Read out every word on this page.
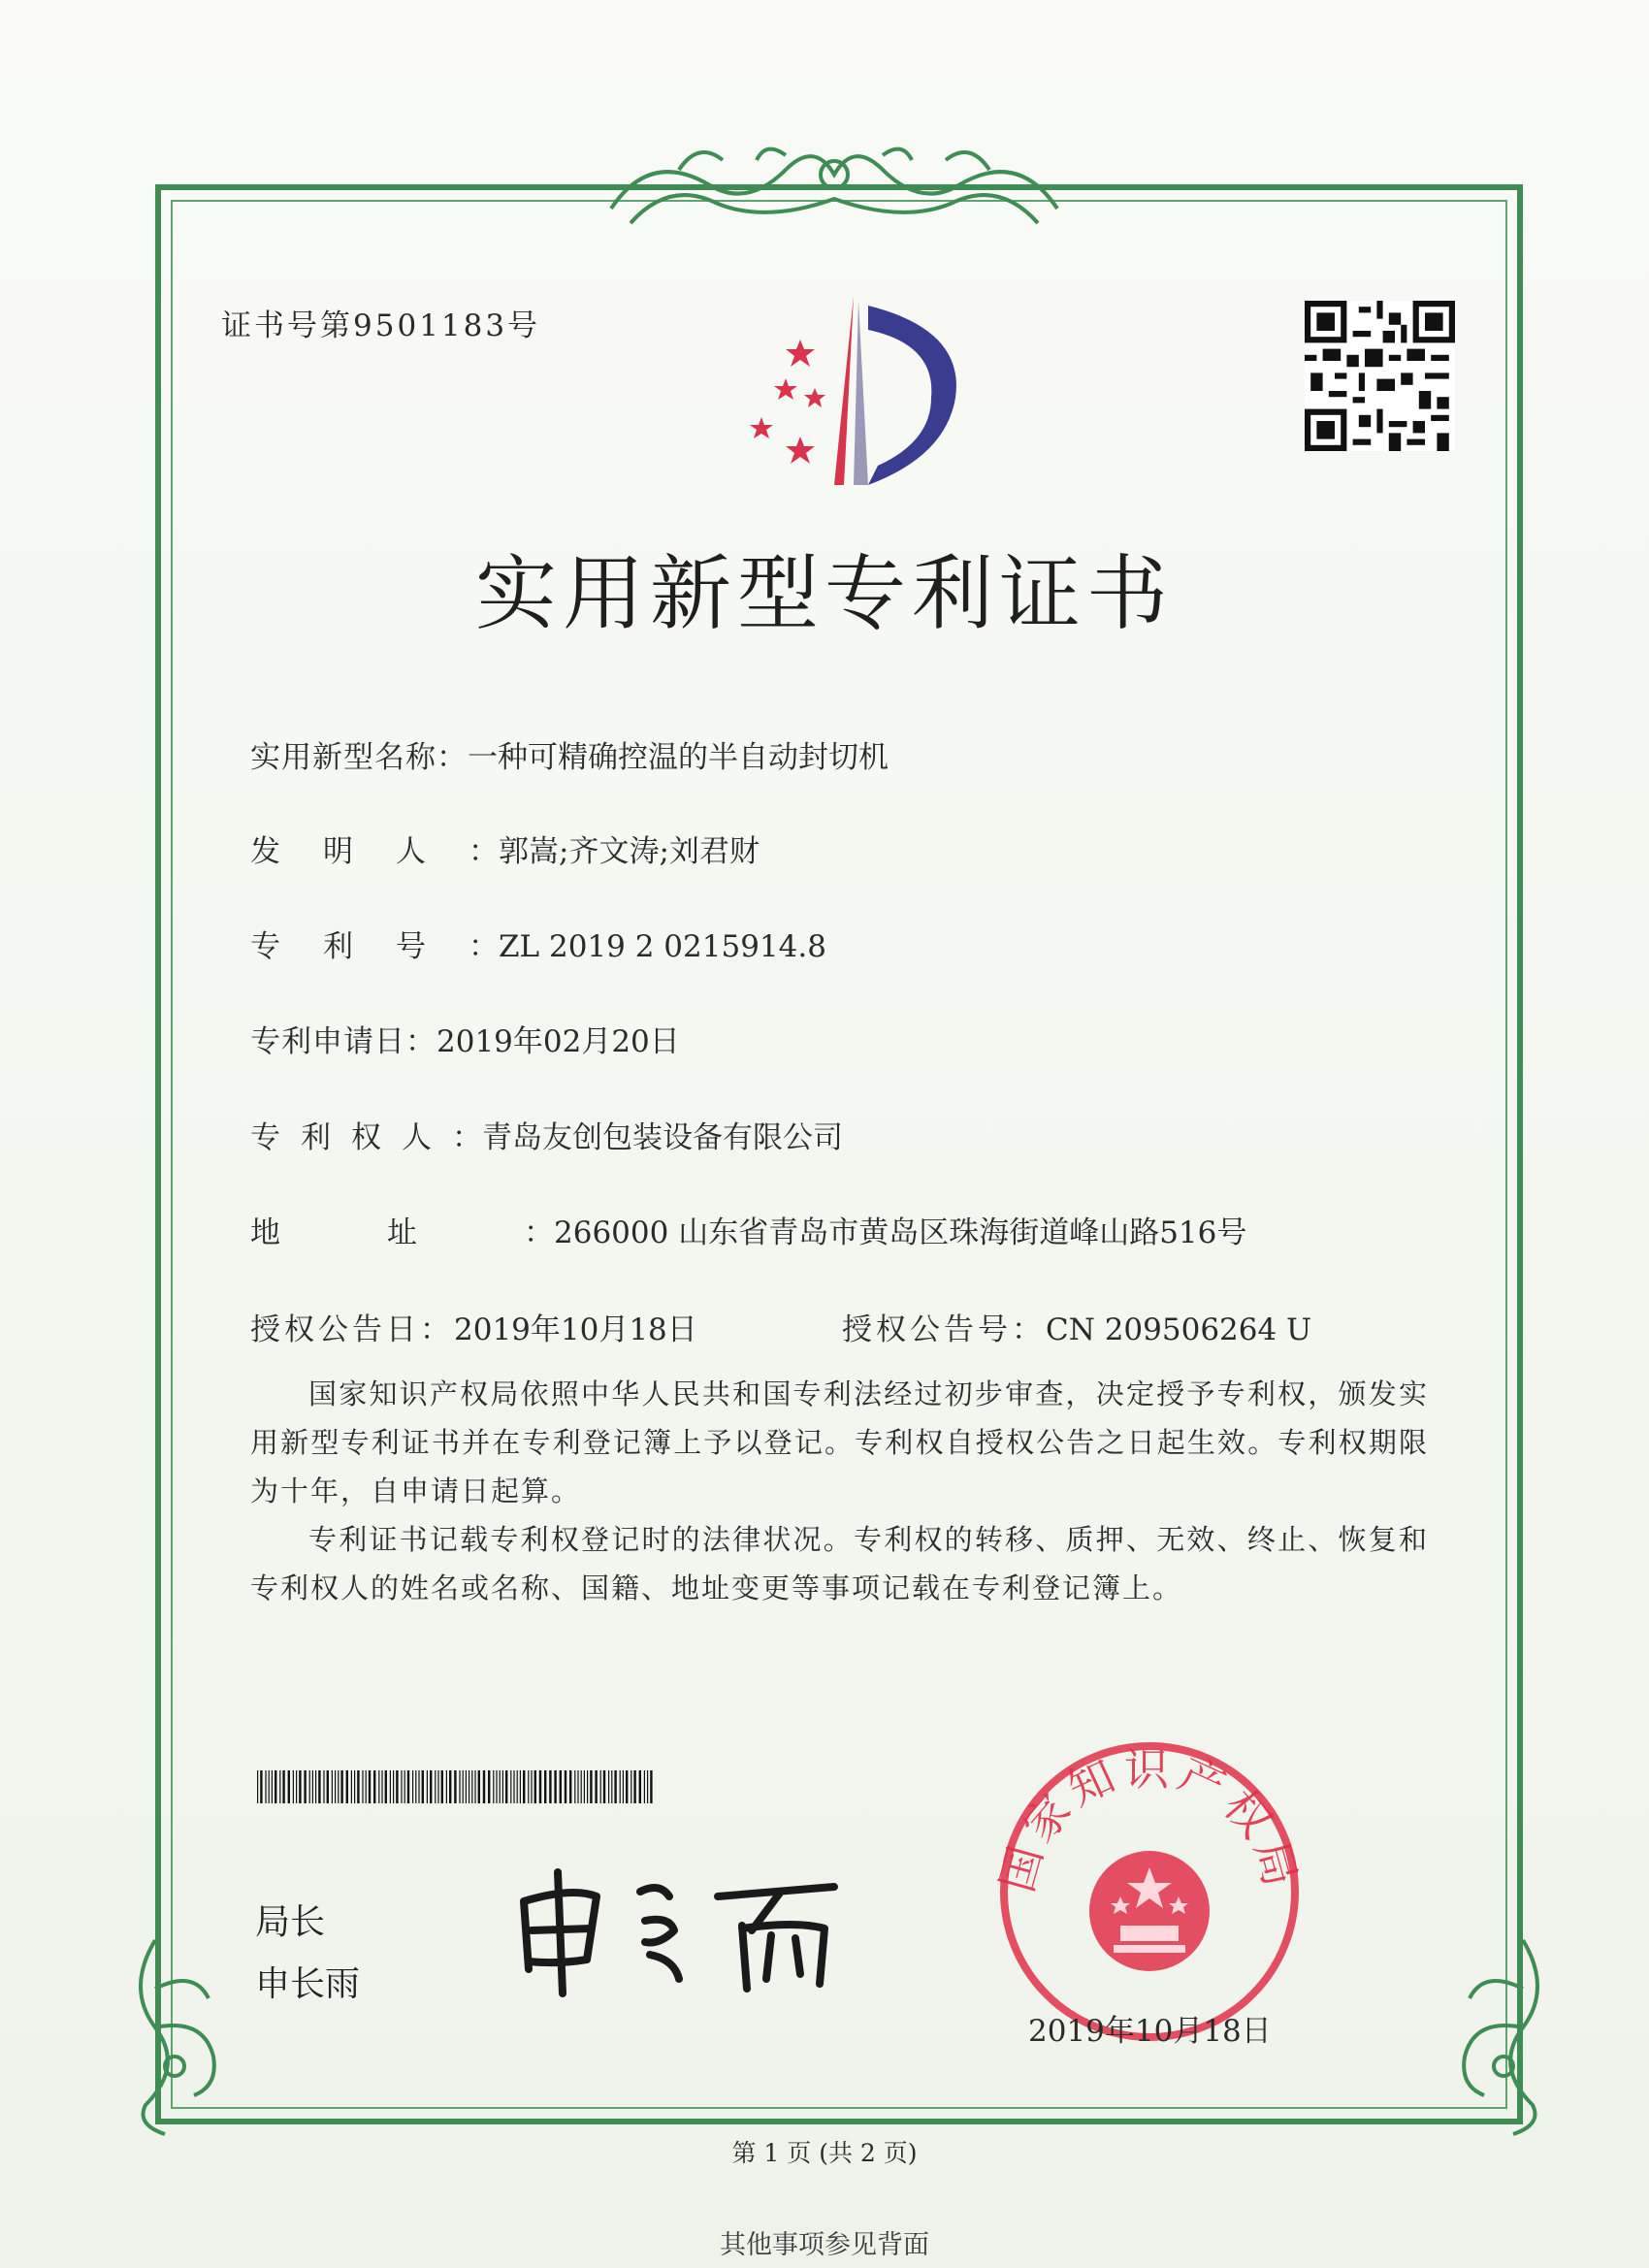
证书号第9501183号
实用新型专利证书
实用新型名称：一种可精确控温的半自动封切机
发明人：郭嵩;齐文涛;刘君财
专利号：ZL 2019 2 0215914.8
专利申请日：2019年02月20日
专利权人：青岛友创包装设备有限公司
地址：266000 山东省青岛市黄岛区珠海街道峰山路516号
授权公告日：2019年10月18日	授权公告号：CN 209506264 U

国家知识产权局依照中华人民共和国专利法经过初步审查，决定授予专利权，颁发实用新型专利证书并在专利登记簿上予以登记。专利权自授权公告之日起生效。专利权期限为十年，自申请日起算。

专利证书记载专利权登记时的法律状况。专利权的转移、质押、无效、终止、恢复和专利权人的姓名或名称、国籍、地址变更等事项记载在专利登记簿上。

局长
申长雨
国家知识产权局
2019年10月18日
第 1 页 (共 2 页)
其他事项参见背面
